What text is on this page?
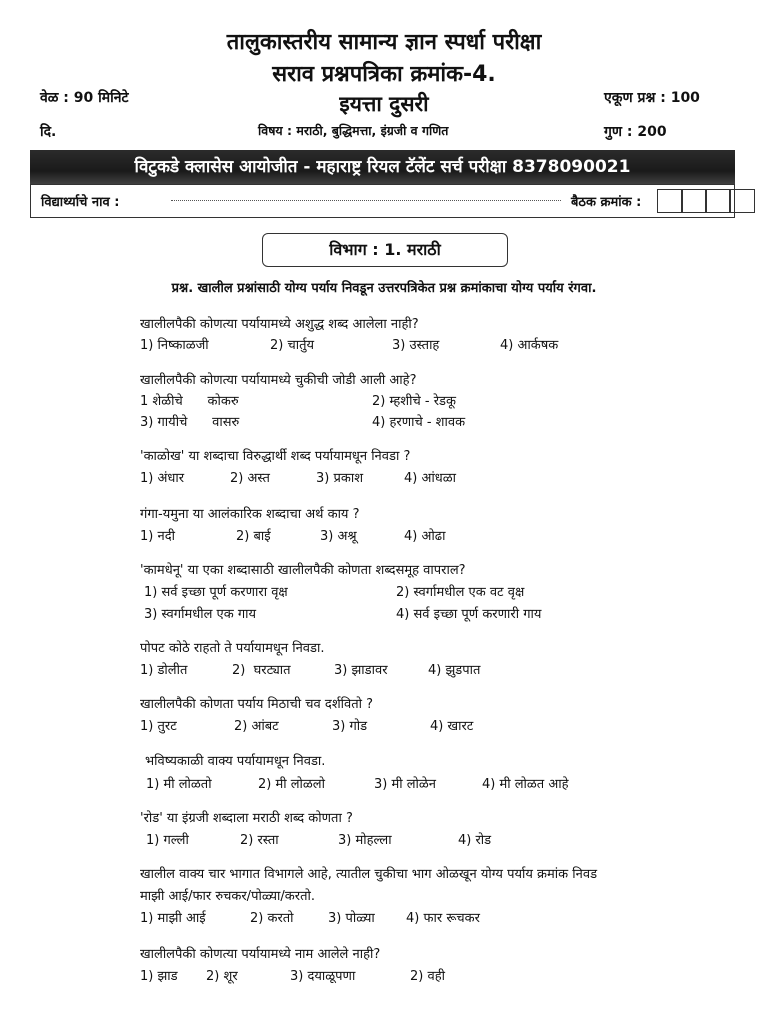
तालुकास्तरीय सामान्य ज्ञान स्पर्धा परीक्षा
सराव प्रश्नपत्रिका क्रमांक-4.
इयत्ता दुसरी
वेळ : 90 मिनिटे	एकूण प्रश्न : 100
दि.	विषय : मराठी, बुद्धिमत्ता, इंग्रजी व गणित	गुण : 200
विटुकडे क्लासेस आयोजीत - महाराष्ट्र रियल टॅलेंट सर्च परीक्षा 8378090021
विद्यार्थ्याचे नाव :	बैठक क्रमांक :
विभाग : 1. मराठी
प्रश्न. खालील प्रश्नांसाठी योग्य पर्याय निवडून उत्तरपत्रिकेत प्रश्न क्रमांकाचा योग्य पर्याय रंगवा.
खालीलपैकी कोणत्या पर्यायामध्ये अशुद्ध शब्द आलेला नाही?
1) निष्काळजी	2) चार्तुय	3) उस्ताह	4) आर्कषक
खालीलपैकी कोणत्या पर्यायामध्ये चुकीची जोडी आली आहे?
1 शेळीचे      कोकरु	2) म्हशीचे - रेडकू
3) गायीचे      वासरु	4) हरणाचे - शावक
'काळोख' या शब्दाचा विरुद्धार्थी शब्द पर्यायामधून निवडा ?
1) अंधार	2) अस्त	3) प्रकाश	4) आंधळा
गंगा-यमुना या आलंकारिक शब्दाचा अर्थ काय ?
1) नदी	2) बाई	3) अश्रू	4) ओढा
'कामधेनू' या एका शब्दासाठी खालीलपैकी कोणता शब्दसमूह वापराल?
1) सर्व इच्छा पूर्ण करणारा वृक्ष	2) स्वर्गामधील एक वट वृक्ष
3) स्वर्गामधील एक गाय	4) सर्व इच्छा पूर्ण करणारी गाय
पोपट कोठे राहतो ते पर्यायामधून निवडा.
1) डोलीत	2)  घरट्यात	3) झाडावर	4) झुडपात
खालीलपैकी कोणता पर्याय मिठाची चव दर्शवितो ?
1) तुरट	2) आंबट	3) गोड	4) खारट
भविष्यकाळी वाक्य पर्यायामधून निवडा.
1) मी लोळतो	2) मी लोळलो	3) मी लोळेन	4) मी लोळत आहे
'रोड' या इंग्रजी शब्दाला मराठी शब्द कोणता ?
1) गल्ली	2) रस्ता	3) मोहल्ला	4) रोड
खालील वाक्य चार भागात विभागले आहे, त्यातील चुकीचा भाग ओळखून योग्य पर्याय क्रमांक निवड
माझी आई/फार रुचकर/पोळ्या/करतो.
1) माझी आई	2) करतो	3) पोळ्या 4) फार रूचकर
खालीलपैकी कोणत्या पर्यायामध्ये नाम आलेले नाही?
1) झाड 2) शूर	3) दयाळूपणा	2) वही
